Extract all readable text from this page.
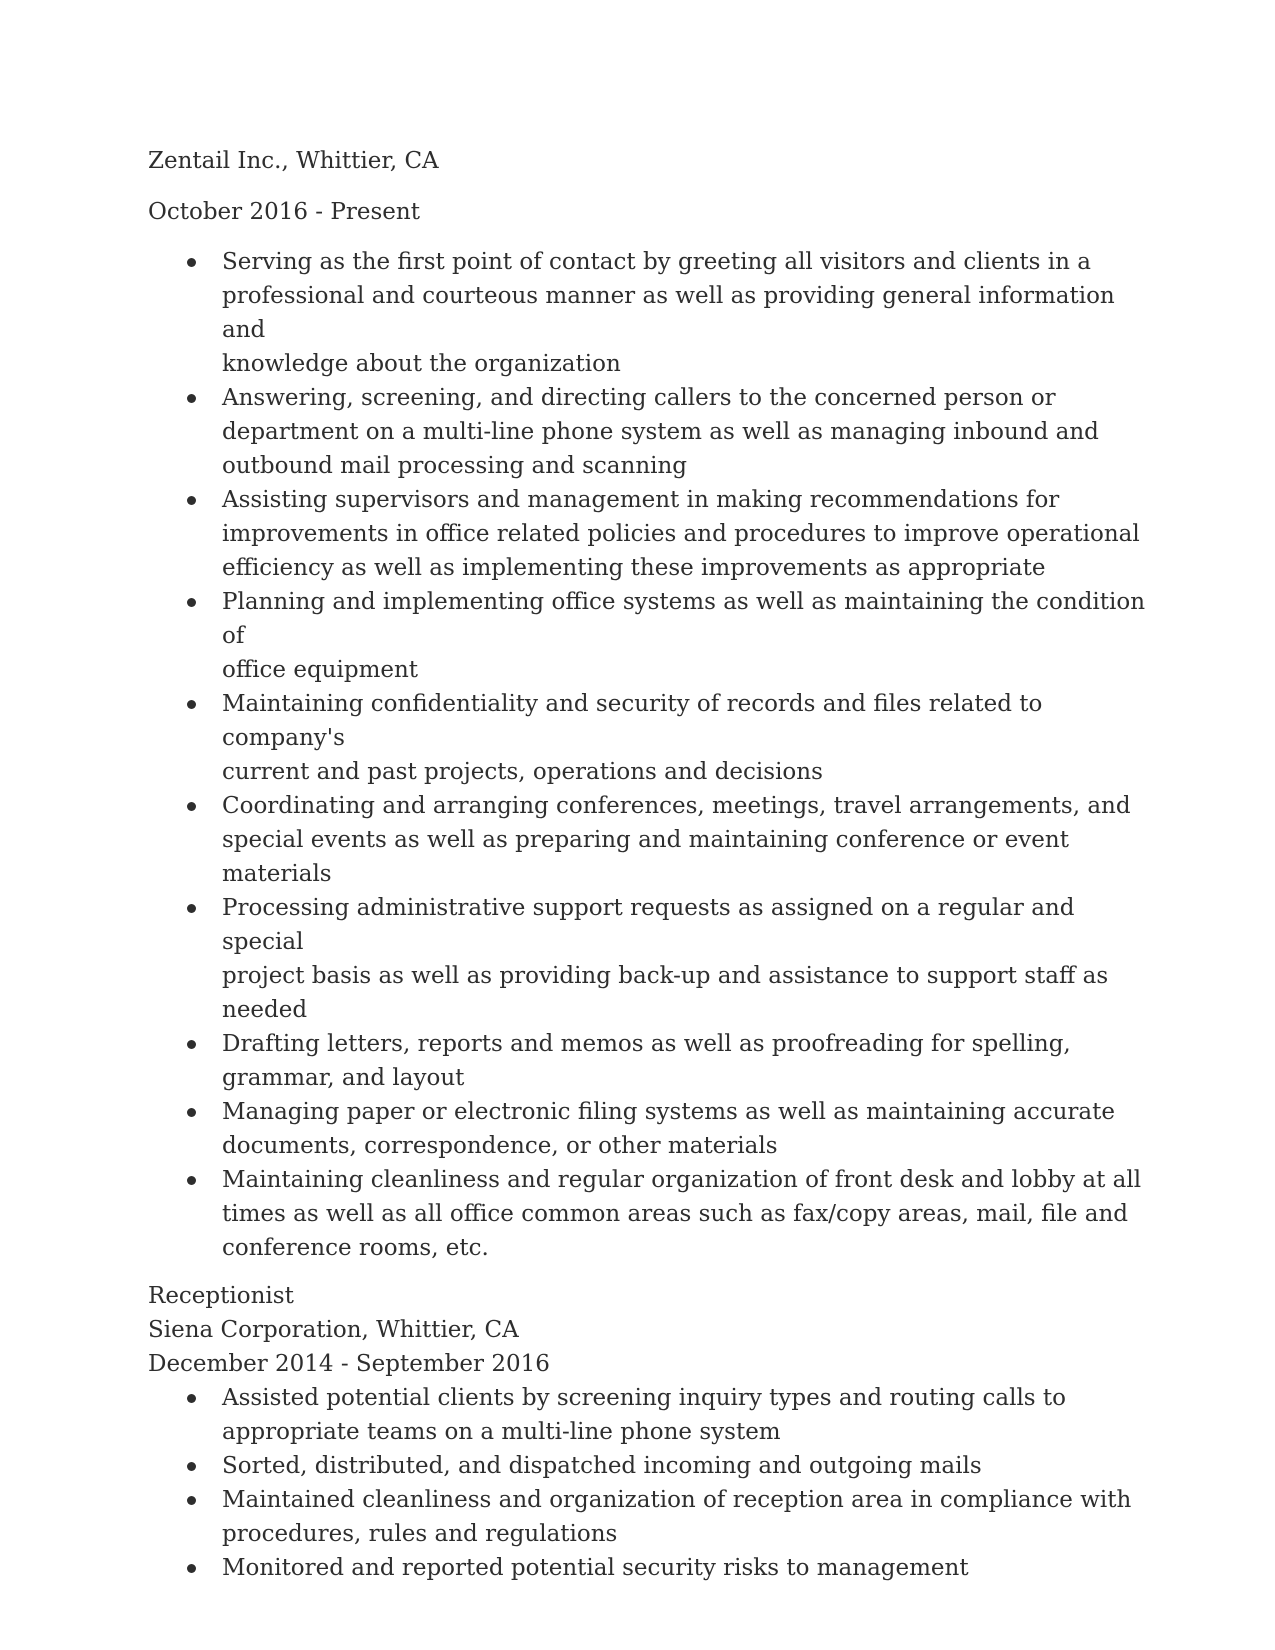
Zentail Inc., Whittier, CA
October 2016 - Present
Serving as the first point of contact by greeting all visitors and clients in a
professional and courteous manner as well as providing general information and
knowledge about the organization
Answering, screening, and directing callers to the concerned person or
department on a multi-line phone system as well as managing inbound and
outbound mail processing and scanning
Assisting supervisors and management in making recommendations for
improvements in office related policies and procedures to improve operational
efficiency as well as implementing these improvements as appropriate
Planning and implementing office systems as well as maintaining the condition of
office equipment
Maintaining confidentiality and security of records and files related to company's
current and past projects, operations and decisions
Coordinating and arranging conferences, meetings, travel arrangements, and
special events as well as preparing and maintaining conference or event materials
Processing administrative support requests as assigned on a regular and special
project basis as well as providing back-up and assistance to support staff as
needed
Drafting letters, reports and memos as well as proofreading for spelling,
grammar, and layout
Managing paper or electronic filing systems as well as maintaining accurate
documents, correspondence, or other materials
Maintaining cleanliness and regular organization of front desk and lobby at all
times as well as all office common areas such as fax/copy areas, mail, file and
conference rooms, etc.
Receptionist
Siena Corporation, Whittier, CA
December 2014 - September 2016
Assisted potential clients by screening inquiry types and routing calls to
appropriate teams on a multi-line phone system
Sorted, distributed, and dispatched incoming and outgoing mails
Maintained cleanliness and organization of reception area in compliance with
procedures, rules and regulations
Monitored and reported potential security risks to management
